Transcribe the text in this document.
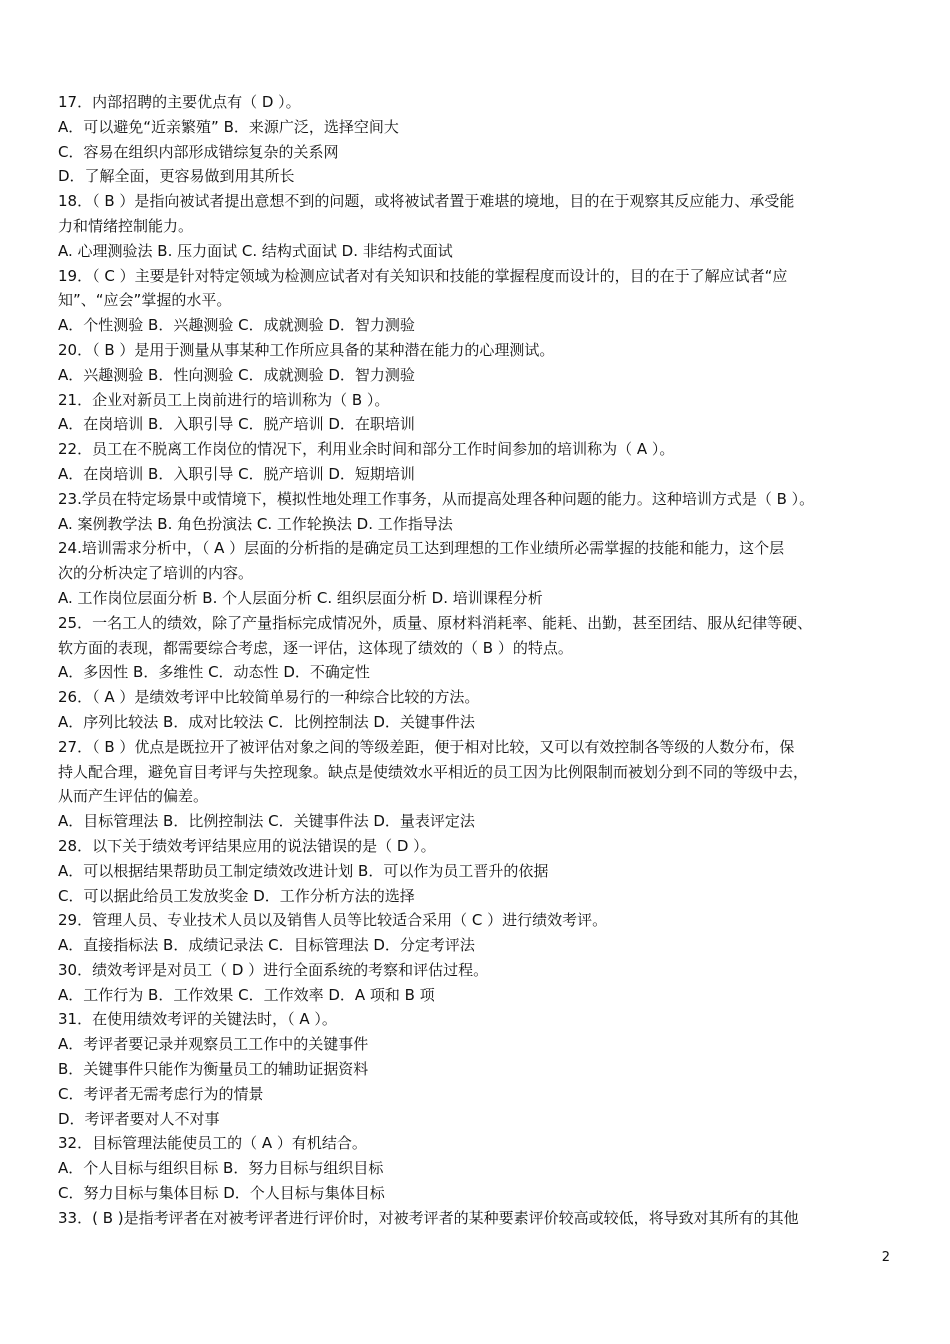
17．内部招聘的主要优点有（ D ）。
A．可以避免“近亲繁殖” B．来源广泛，选择空间大
C．容易在组织内部形成错综复杂的关系网
D．了解全面，更容易做到用其所长
18．（ B ）是指向被试者提出意想不到的问题，或将被试者置于难堪的境地，目的在于观察其反应能力、承受能
力和情绪控制能力。
A. 心理测验法 B. 压力面试 C. 结构式面试 D. 非结构式面试
19．（ C ）主要是针对特定领域为检测应试者对有关知识和技能的掌握程度而设计的，目的在于了解应试者“应
知”、“应会”掌握的水平。
A．个性测验 B．兴趣测验 C．成就测验 D．智力测验
20．（ B ）是用于测量从事某种工作所应具备的某种潜在能力的心理测试。
A．兴趣测验 B．性向测验 C．成就测验 D．智力测验
21．企业对新员工上岗前进行的培训称为（ B ）。
A．在岗培训 B．入职引导 C．脱产培训 D．在职培训
22．员工在不脱离工作岗位的情况下，利用业余时间和部分工作时间参加的培训称为（ A ）。
A．在岗培训 B．入职引导 C．脱产培训 D．短期培训
23.学员在特定场景中或情境下，模拟性地处理工作事务，从而提高处理各种问题的能力。这种培训方式是（ B ）。
A. 案例教学法 B. 角色扮演法 C. 工作轮换法 D. 工作指导法
24.培训需求分析中，（ A ）层面的分析指的是确定员工达到理想的工作业绩所必需掌握的技能和能力，这个层
次的分析决定了培训的内容。
A. 工作岗位层面分析 B. 个人层面分析 C. 组织层面分析 D. 培训课程分析
25．一名工人的绩效，除了产量指标完成情况外，质量、原材料消耗率、能耗、出勤，甚至团结、服从纪律等硬、
软方面的表现，都需要综合考虑，逐一评估，这体现了绩效的（ B ）的特点。
A．多因性 B．多维性 C．动态性 D．不确定性
26．（ A ）是绩效考评中比较简单易行的一种综合比较的方法。
A．序列比较法 B．成对比较法 C．比例控制法 D．关键事件法
27．（ B ）优点是既拉开了被评估对象之间的等级差距，便于相对比较，又可以有效控制各等级的人数分布，保
持人配合理，避免盲目考评与失控现象。缺点是使绩效水平相近的员工因为比例限制而被划分到不同的等级中去，
从而产生评估的偏差。
A．目标管理法 B．比例控制法 C．关键事件法 D．量表评定法
28．以下关于绩效考评结果应用的说法错误的是（ D ）。
A．可以根据结果帮助员工制定绩效改进计划 B．可以作为员工晋升的依据
C．可以据此给员工发放奖金 D．工作分析方法的选择
29．管理人员、专业技术人员以及销售人员等比较适合采用（ C ）进行绩效考评。
A．直接指标法 B．成绩记录法 C．目标管理法 D．分定考评法
30．绩效考评是对员工（ D ）进行全面系统的考察和评估过程。
A．工作行为 B．工作效果 C．工作效率 D．A 项和 B 项
31．在使用绩效考评的关键法时，（ A ）。
A．考评者要记录并观察员工工作中的关键事件
B．关键事件只能作为衡量员工的辅助证据资料
C．考评者无需考虑行为的情景
D．考评者要对人不对事
32．目标管理法能使员工的（ A ）有机结合。
A．个人目标与组织目标 B．努力目标与组织目标
C．努力目标与集体目标 D．个人目标与集体目标
33．( B )是指考评者在对被考评者进行评价时，对被考评者的某种要素评价较高或较低，将导致对其所有的其他
2
